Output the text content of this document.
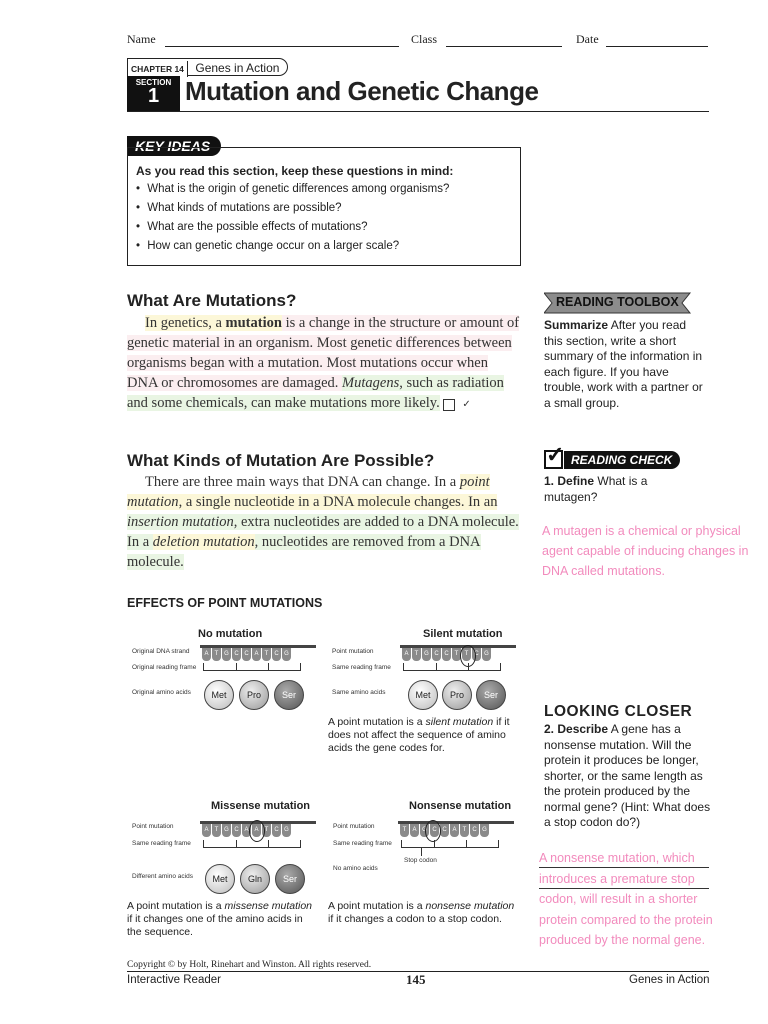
Name	Class	Date
CHAPTER 14 Genes in Action
SECTION
1 Mutation and Genetic Change
KEY IDEAS
As you read this section, keep these questions in mind:
• What is the origin of genetic differences among organisms?
• What kinds of mutations are possible?
• What are the possible effects of mutations?
• How can genetic change occur on a larger scale?
What Are Mutations?
In genetics, a mutation is a change in the structure or amount of genetic material in an organism. Most genetic differences between organisms began with a mutation. Most mutations occur when DNA or chromosomes are damaged. Mutagens, such as radiation and some chemicals, can make mutations more likely. ✓
What Kinds of Mutation Are Possible?
There are three main ways that DNA can change. In a point mutation, a single nucleotide in a DNA molecule changes. In an insertion mutation, extra nucleotides are added to a DNA molecule. In a deletion mutation, nucleotides are removed from a DNA molecule.
READING TOOLBOX
Summarize After you read this section, write a short summary of the information in each figure. If you have trouble, work with a partner or a small group.
✓ READING CHECK
1. Define What is a mutagen?
A mutagen is a chemical or physical agent capable of inducing changes in DNA called mutations.
LOOKING CLOSER
2. Describe A gene has a nonsense mutation. Will the protein it produces be longer, shorter, or the same length as the protein produced by the normal gene? (Hint: What does a stop codon do?)
A nonsense mutation, which introduces a premature stop codon, will result in a shorter protein compared to the protein produced by the normal gene.
EFFECTS OF POINT MUTATIONS
No mutation
Original DNA strand
Original reading frame
Original amino acids
A T G C C A T C G
Met	Pro	Ser
Silent mutation
Point mutation
Same reading frame
Same amino acids
A T G C C T T C G
Met	Pro	Ser
A point mutation is a silent mutation if it does not affect the sequence of amino acids the gene codes for.
Missense mutation
Point mutation
Same reading frame
Different amino acids
A T G C A A T C G
Met	Gln	Ser
A point mutation is a missense mutation if it changes one of the amino acids in the sequence.
Nonsense mutation
Point mutation
Same reading frame
No amino acids
T A G C C A T C G
Stop codon
A point mutation is a nonsense mutation if it changes a codon to a stop codon.
Copyright © by Holt, Rinehart and Winston. All rights reserved.
Interactive Reader	145	Genes in Action
